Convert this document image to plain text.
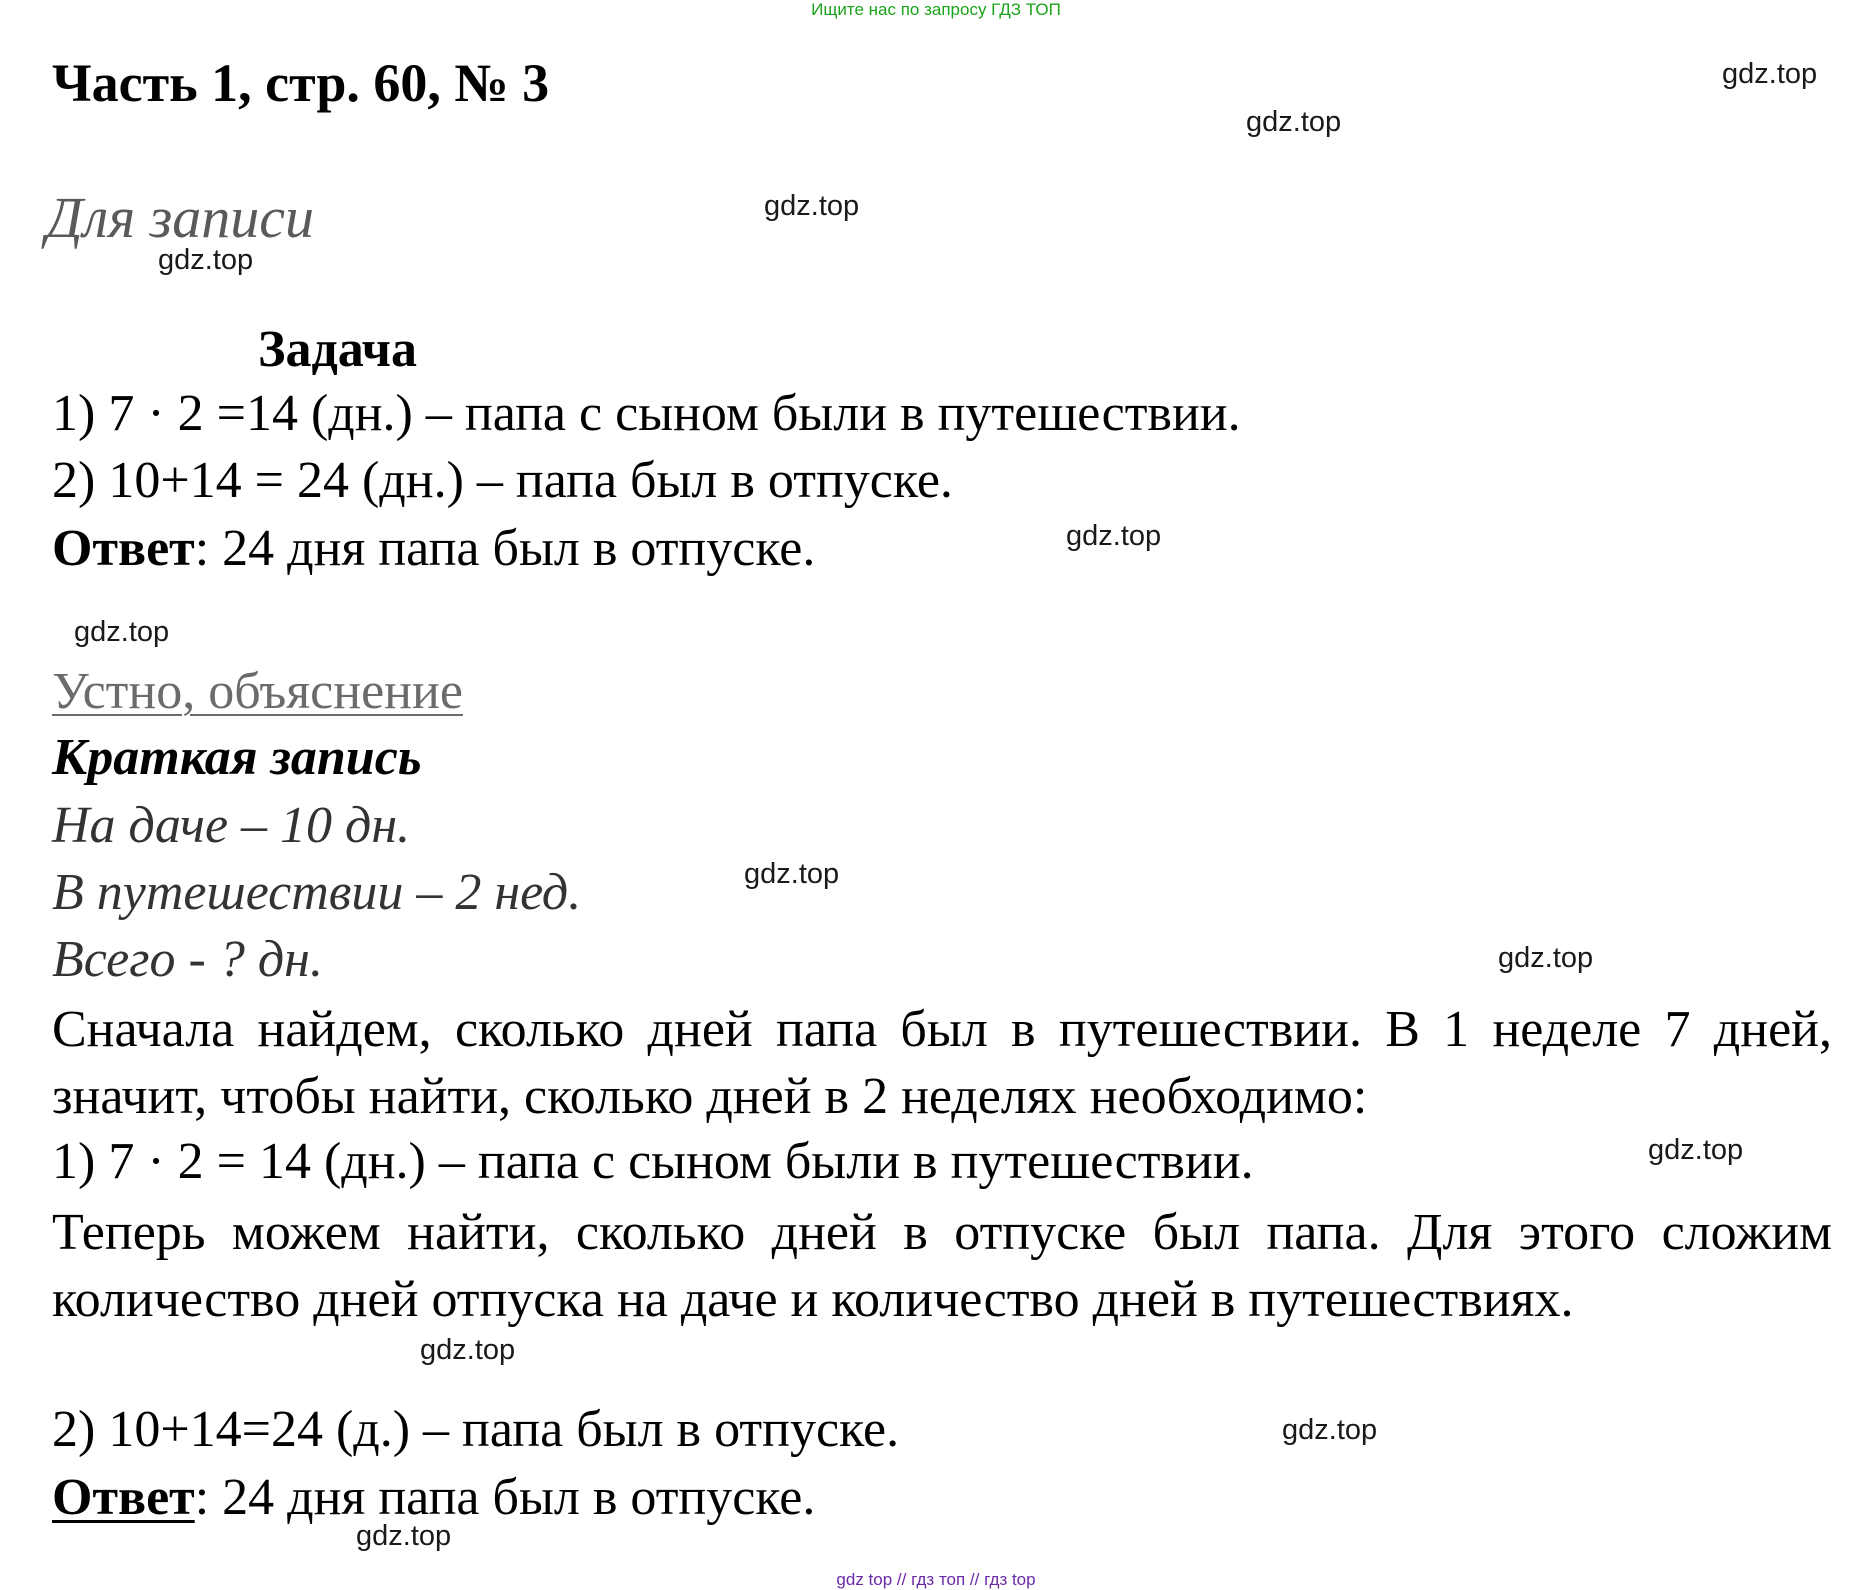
Ищите нас по запросу ГДЗ ТОП
Часть 1, стр. 60, № 3
Для записи
Задача
1) 7 · 2 =14 (дн.) – папа с сыном были в путешествии.
2) 10+14 = 24 (дн.) – папа был в отпуске.
Ответ: 24 дня папа был в отпуске.
Устно, объяснение
Краткая запись
На даче – 10 дн.
В путешествии – 2 нед.
Всего - ? дн.
Сначала найдем, сколько дней папа был в путешествии. В 1 неделе 7 дней, значит, чтобы найти, сколько дней в 2 неделях необходимо:
1) 7 · 2 = 14 (дн.) – папа с сыном были в путешествии.
Теперь можем найти, сколько дней в отпуске был папа. Для этого сложим количество дней отпуска на даче и количество дней в путешествиях.
2) 10+14=24 (д.) – папа был в отпуске.
Ответ: 24 дня папа был в отпуске.
gdz.top
gdz.top
gdz.top
gdz.top
gdz.top
gdz.top
gdz.top
gdz.top
gdz.top
gdz.top
gdz.top
gdz.top
gdz top // гдз топ // гдз top
